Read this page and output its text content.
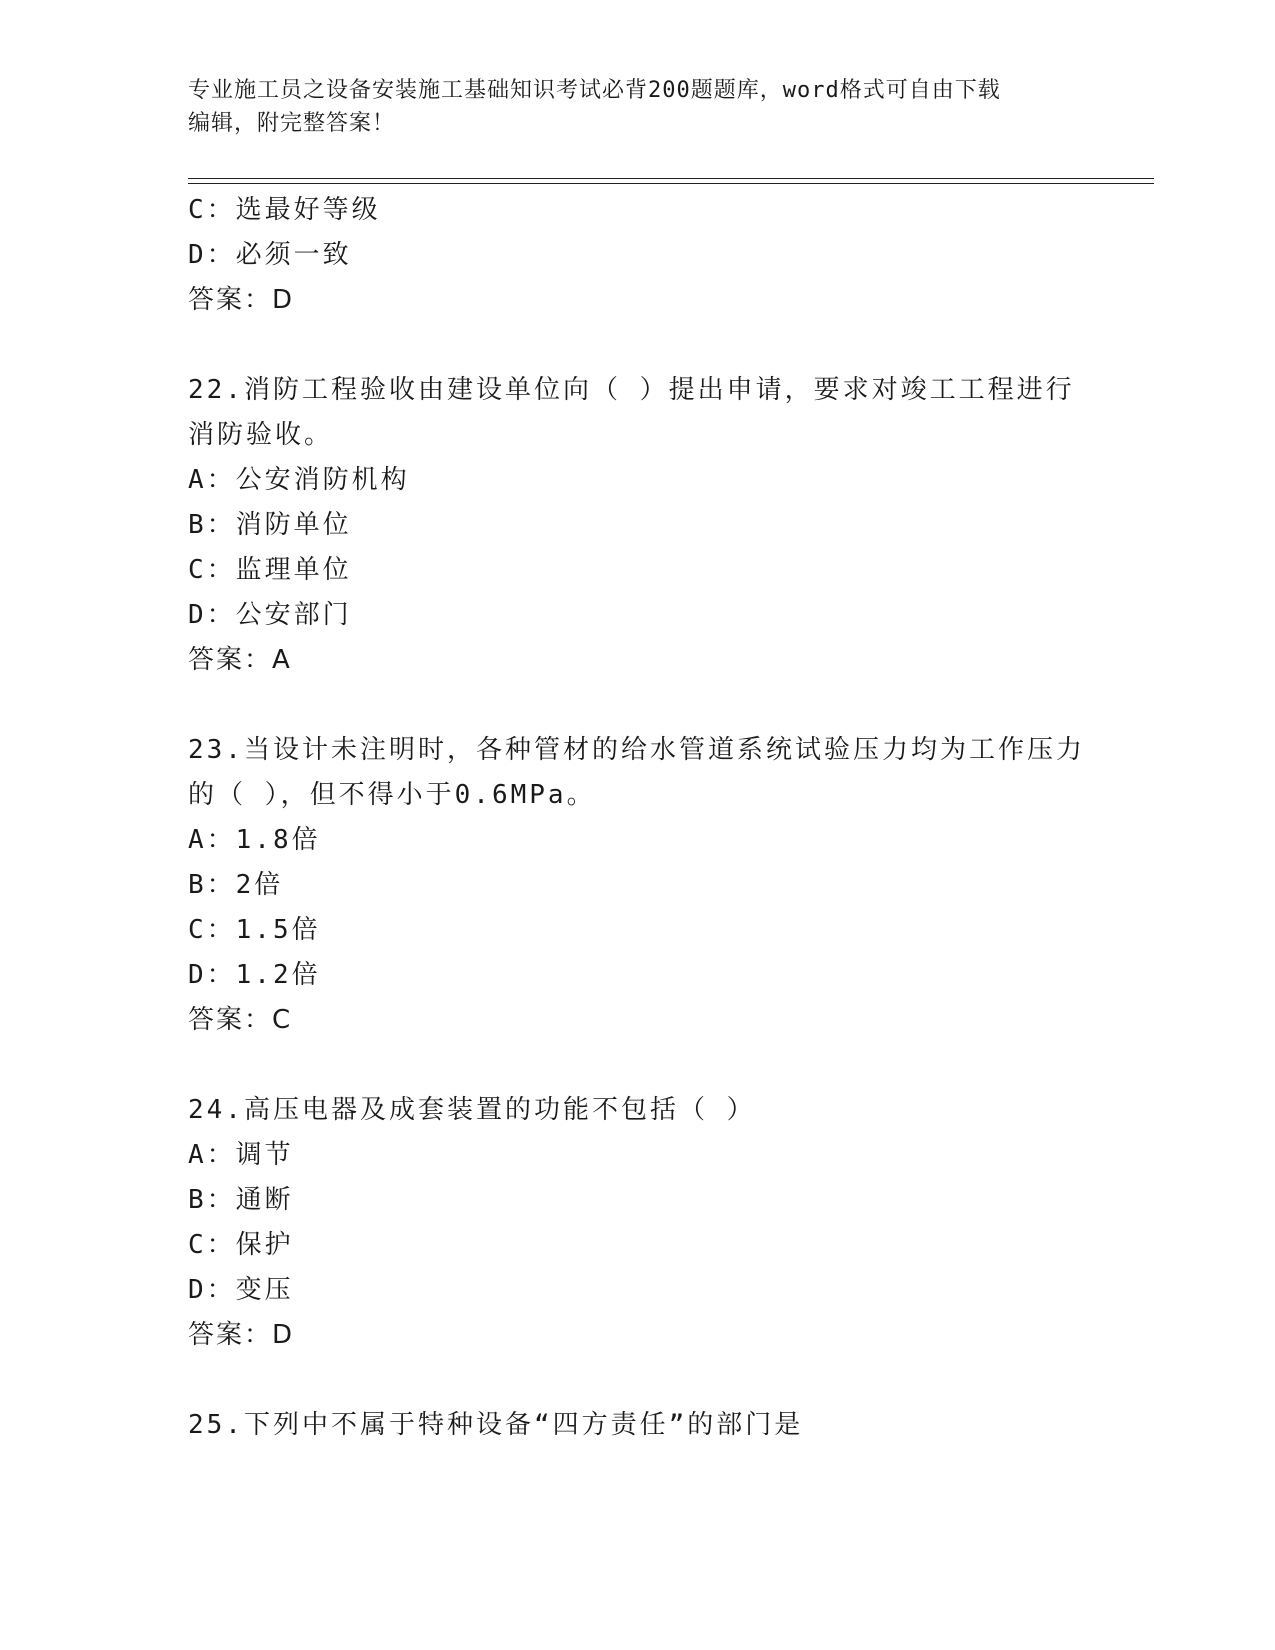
专业施工员之设备安装施工基础知识考试必背200题题库，word格式可自由下载
编辑，附完整答案！
C：选最好等级
D：必须一致
答案：D
22.消防工程验收由建设单位向（ ）提出申请，要求对竣工工程进行
消防验收。
A：公安消防机构
B：消防单位
C：监理单位
D：公安部门
答案：A
23.当设计未注明时，各种管材的给水管道系统试验压力均为工作压力
的（ ），但不得小于0.6MPa。
A：1.8倍
B：2倍
C：1.5倍
D：1.2倍
答案：C
24.高压电器及成套装置的功能不包括（ ）
A：调节
B：通断
C：保护
D：变压
答案：D
25.下列中不属于特种设备“四方责任”的部门是
